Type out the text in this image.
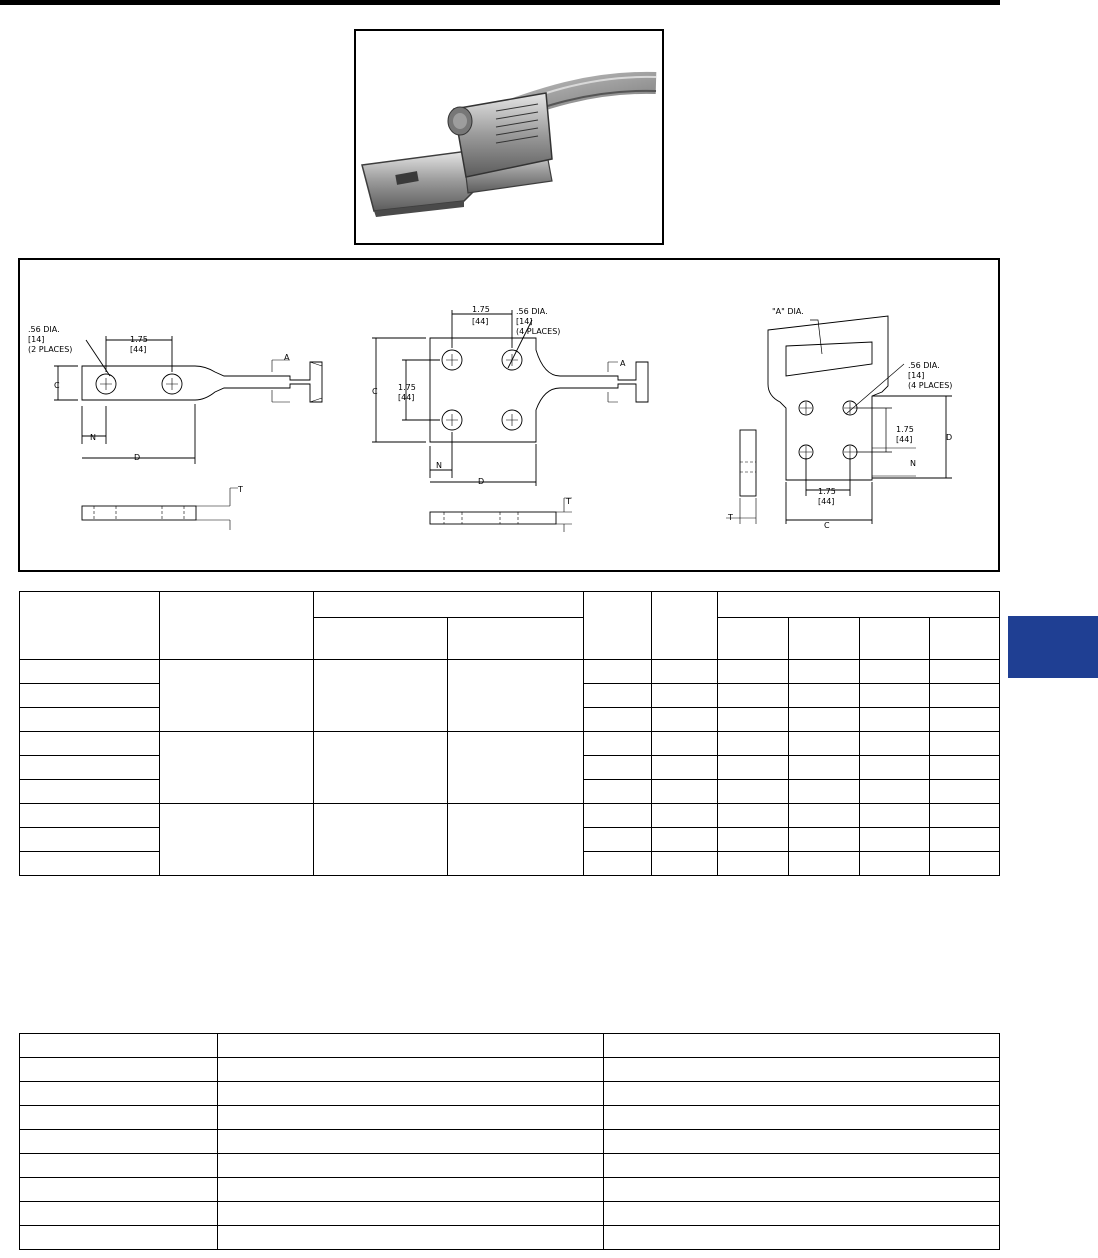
.56 DIA.
[14]
(2 PLACES)
1.75
[44]
A
C
N
D
T
1.75
[44]
.56 DIA.
[14]
(4 PLACES)
A
C	1.75
[44]
N
D
T
"A" DIA.
.56 DIA.
[14]
(4 PLACES)
1.75
[44]	D
N
1.75
[44]
T
C
